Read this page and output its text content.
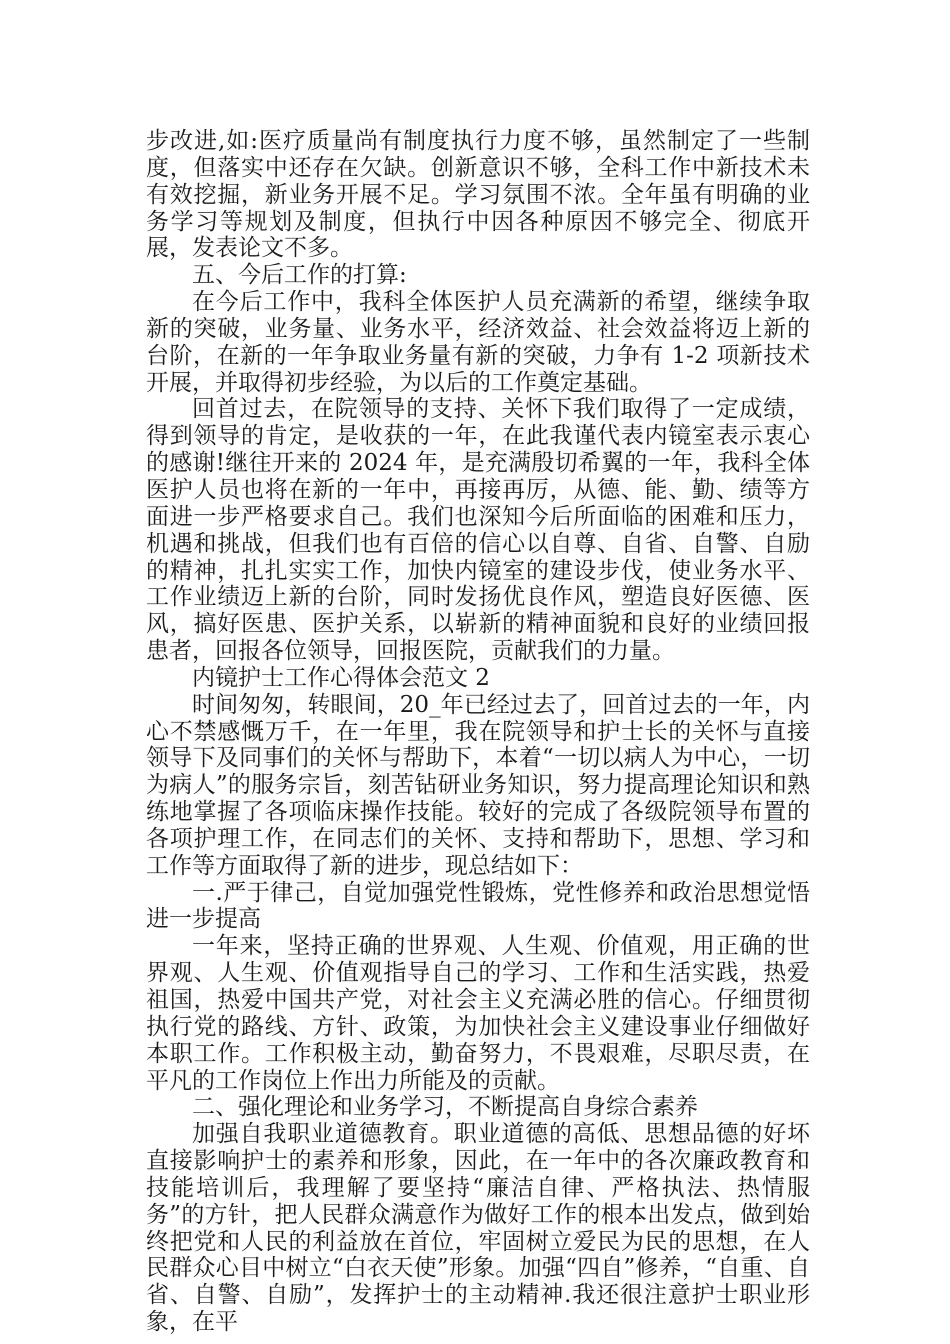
步改进,如:医疗质量尚有制度执行力度不够，虽然制定了一些制度，但落实中还存在欠缺。创新意识不够，全科工作中新技术未有效挖掘，新业务开展不足。学习氛围不浓。全年虽有明确的业务学习等规划及制度，但执行中因各种原因不够完全、彻底开展，发表论文不多。

五、今后工作的打算:

在今后工作中，我科全体医护人员充满新的希望，继续争取新的突破，业务量、业务水平，经济效益、社会效益将迈上新的台阶，在新的一年争取业务量有新的突破，力争有 1-2 项新技术开展，并取得初步经验，为以后的工作奠定基础。

回首过去，在院领导的支持、关怀下我们取得了一定成绩，得到领导的肯定，是收获的一年，在此我谨代表内镜室表示衷心的感谢!继往开来的 2024 年，是充满殷切希翼的一年，我科全体医护人员也将在新的一年中，再接再厉，从德、能、勤、绩等方面进一步严格要求自己。我们也深知今后所面临的困难和压力，机遇和挑战，但我们也有百倍的信心以自尊、自省、自警、自励的精神，扎扎实实工作，加快内镜室的建设步伐，使业务水平、工作业绩迈上新的台阶，同时发扬优良作风，塑造良好医德、医风，搞好医患、医护关系，以崭新的精神面貌和良好的业绩回报患者，回报各位领导，回报医院，贡献我们的力量。

内镜护士工作心得体会范文 2

时间匆匆，转眼间，20_年已经过去了，回首过去的一年，内心不禁感慨万千，在一年里，我在院领导和护士长的关怀与直接领导下及同事们的关怀与帮助下，本着“一切以病人为中心，一切为病人”的服务宗旨，刻苦钻研业务知识，努力提高理论知识和熟练地掌握了各项临床操作技能。较好的完成了各级院领导布置的各项护理工作，在同志们的关怀、支持和帮助下，思想、学习和工作等方面取得了新的进步，现总结如下：

一.严于律己，自觉加强党性锻炼，党性修养和政治思想觉悟进一步提高

一年来，坚持正确的世界观、人生观、价值观，用正确的世界观、人生观、价值观指导自己的学习、工作和生活实践，热爱祖国，热爱中国共产党，对社会主义充满必胜的信心。仔细贯彻执行党的路线、方针、政策，为加快社会主义建设事业仔细做好本职工作。工作积极主动，勤奋努力，不畏艰难，尽职尽责，在平凡的工作岗位上作出力所能及的贡献。

二、强化理论和业务学习，不断提高自身综合素养

加强自我职业道德教育。职业道德的高低、思想品德的好坏直接影响护士的素养和形象，因此，在一年中的各次廉政教育和技能培训后，我理解了要坚持“廉洁自律、严格执法、热情服务”的方针，把人民群众满意作为做好工作的根本出发点，做到始终把党和人民的利益放在首位，牢固树立爱民为民的思想，在人民群众心目中树立“白衣天使”形象。加强“四自”修养，“自重、自省、自警、自励”，发挥护士的主动精神.我还很注意护士职业形象，在平
